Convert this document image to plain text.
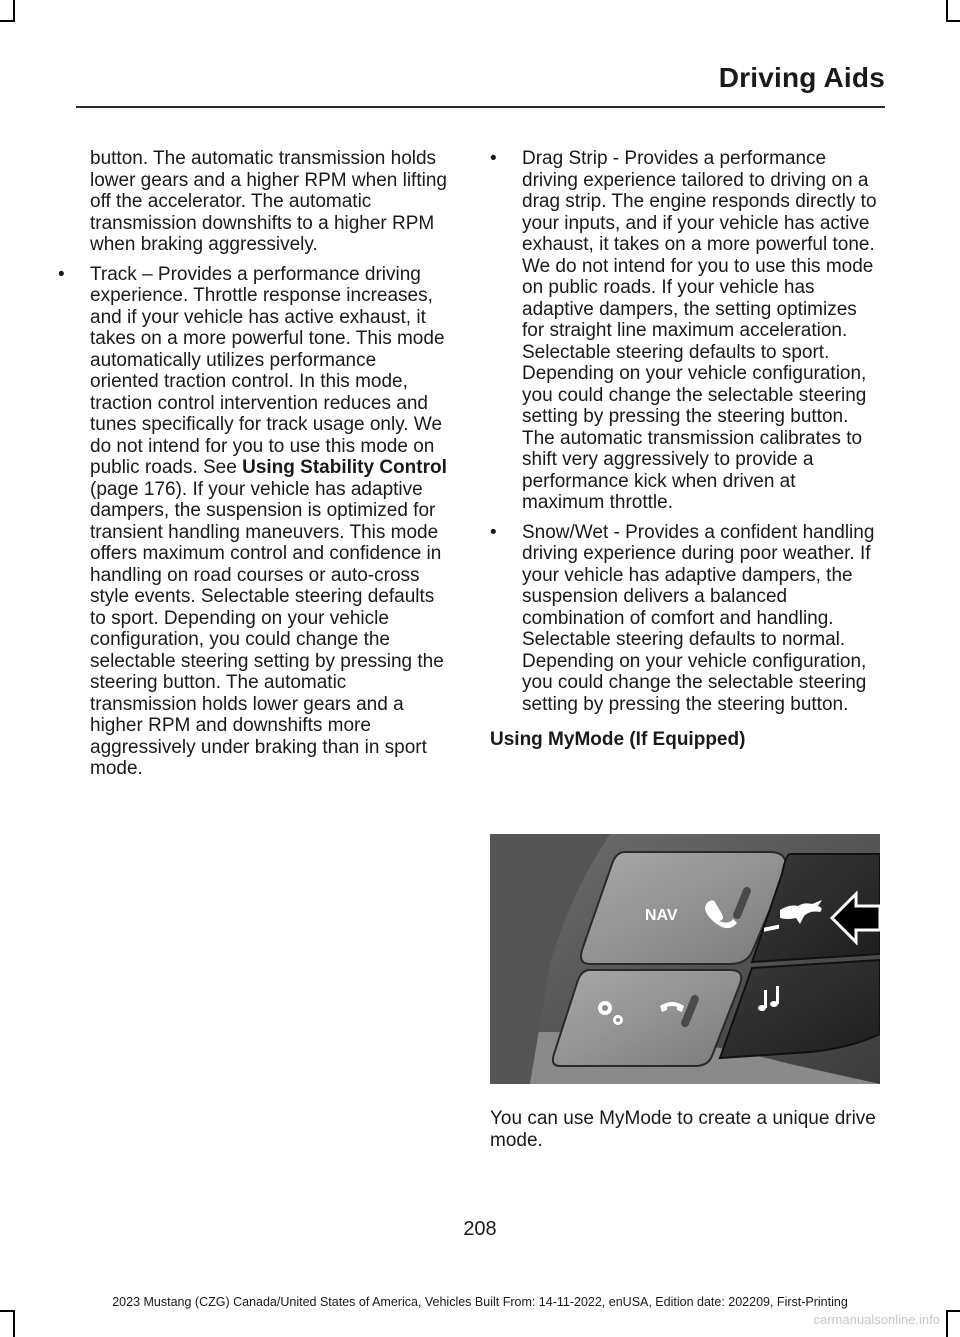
Driving Aids

button. The automatic transmission holds lower gears and a higher RPM when lifting off the accelerator. The automatic transmission downshifts to a higher RPM when braking aggressively.

•	Track – Provides a performance driving experience. Throttle response increases, and if your vehicle has active exhaust, it takes on a more powerful tone. This mode automatically utilizes performance oriented traction control. In this mode, traction control intervention reduces and tunes specifically for track usage only. We do not intend for you to use this mode on public roads. See Using Stability Control (page 176). If your vehicle has adaptive dampers, the suspension is optimized for transient handling maneuvers. This mode offers maximum control and confidence in handling on road courses or auto-cross style events. Selectable steering defaults to sport. Depending on your vehicle configuration, you could change the selectable steering setting by pressing the steering button. The automatic transmission holds lower gears and a higher RPM and downshifts more aggressively under braking than in sport mode.
•	Drag Strip - Provides a performance driving experience tailored to driving on a drag strip. The engine responds directly to your inputs, and if your vehicle has active exhaust, it takes on a more powerful tone. We do not intend for you to use this mode on public roads. If your vehicle has adaptive dampers, the setting optimizes for straight line maximum acceleration. Selectable steering defaults to sport. Depending on your vehicle configuration, you could change the selectable steering setting by pressing the steering button. The automatic transmission calibrates to shift very aggressively to provide a performance kick when driven at maximum throttle.
•	Snow/Wet - Provides a confident handling driving experience during poor weather. If your vehicle has adaptive dampers, the suspension delivers a balanced combination of comfort and handling. Selectable steering defaults to normal. Depending on your vehicle configuration, you could change the selectable steering setting by pressing the steering button.
Using MyMode (If Equipped)
NAV
You can use MyMode to create a unique drive mode.
208
2023 Mustang (CZG) Canada/United States of America, Vehicles Built From: 14-11-2022, enUSA, Edition date: 202209, First-Printing
carmanualsonline.info
